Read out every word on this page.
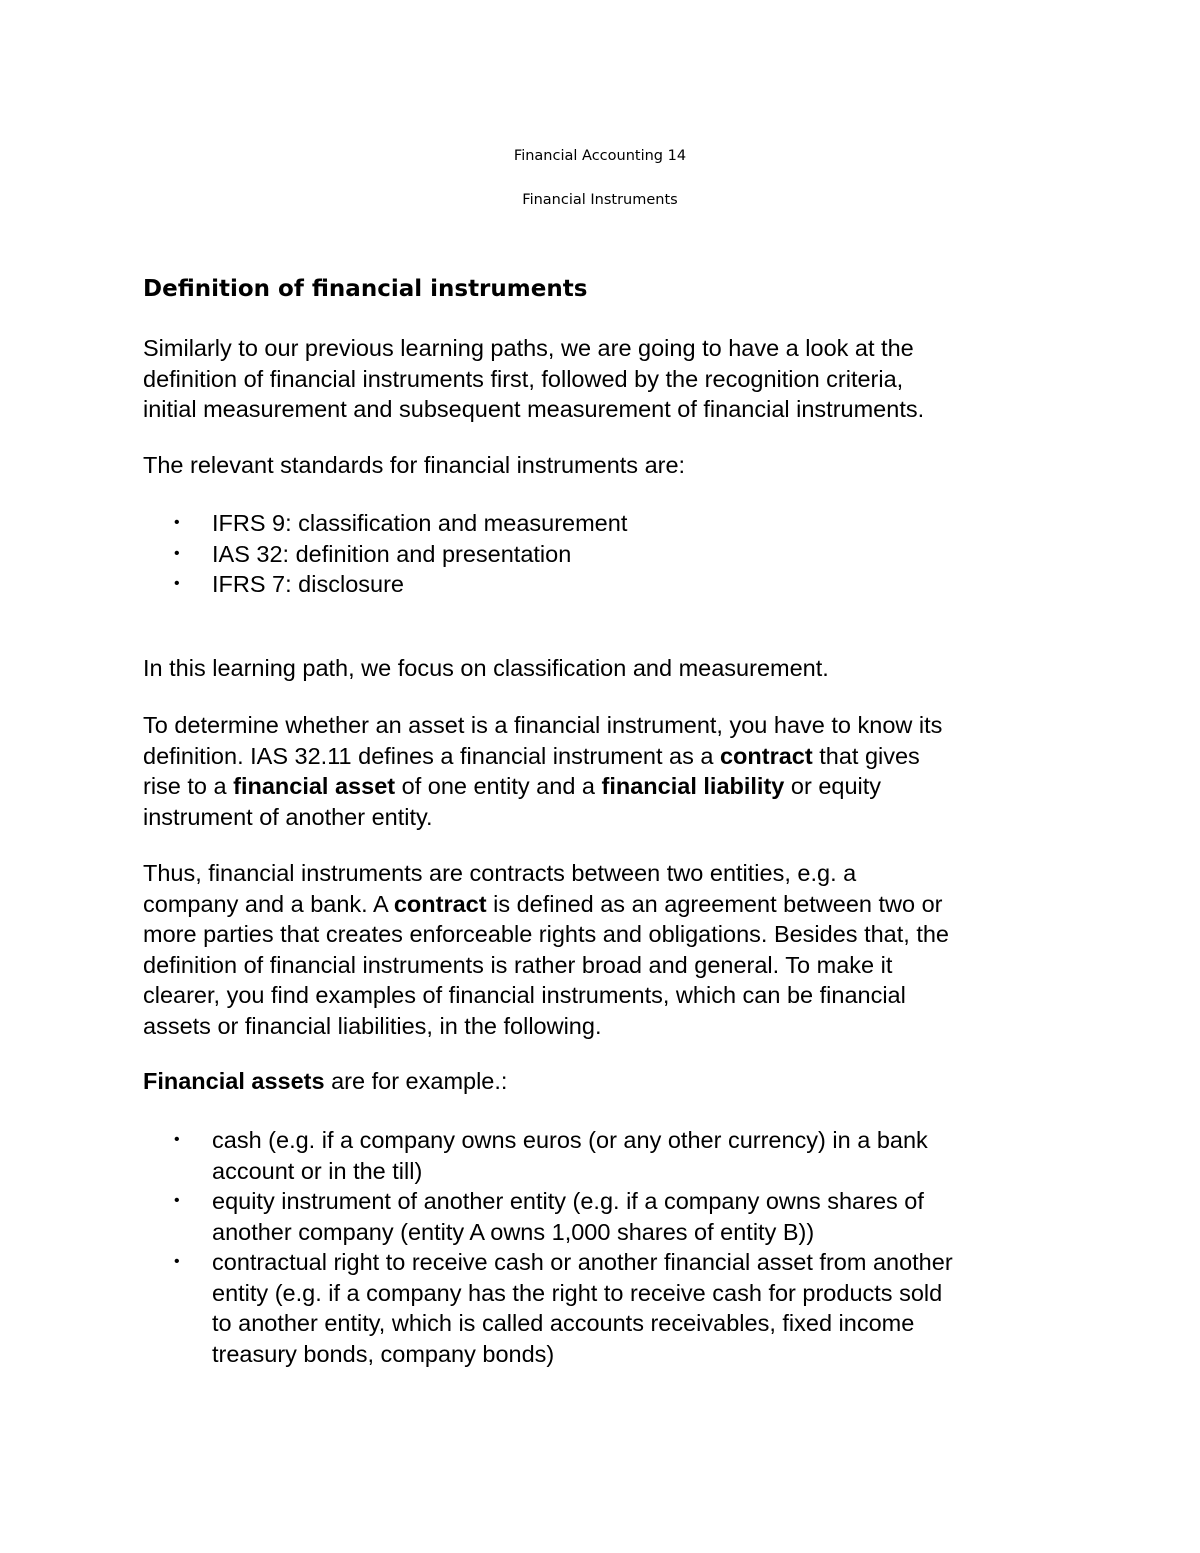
Financial Accounting 14
Financial Instruments
Definition of financial instruments

Similarly to our previous learning paths, we are going to have a look at the
definition of financial instruments first, followed by the recognition criteria,
initial measurement and subsequent measurement of financial instruments.

The relevant standards for financial instruments are:

• IFRS 9: classification and measurement
• IAS 32: definition and presentation
• IFRS 7: disclosure

In this learning path, we focus on classification and measurement.

To determine whether an asset is a financial instrument, you have to know its
definition. IAS 32.11 defines a financial instrument as a contract that gives
rise to a financial asset of one entity and a financial liability or equity
instrument of another entity.

Thus, financial instruments are contracts between two entities, e.g. a
company and a bank. A contract is defined as an agreement between two or
more parties that creates enforceable rights and obligations. Besides that, the
definition of financial instruments is rather broad and general. To make it
clearer, you find examples of financial instruments, which can be financial
assets or financial liabilities, in the following.

Financial assets are for example.:

• cash (e.g. if a company owns euros (or any other currency) in a bank
account or in the till)
• equity instrument of another entity (e.g. if a company owns shares of
another company (entity A owns 1,000 shares of entity B))
• contractual right to receive cash or another financial asset from another
entity (e.g. if a company has the right to receive cash for products sold
to another entity, which is called accounts receivables, fixed income
treasury bonds, company bonds)
